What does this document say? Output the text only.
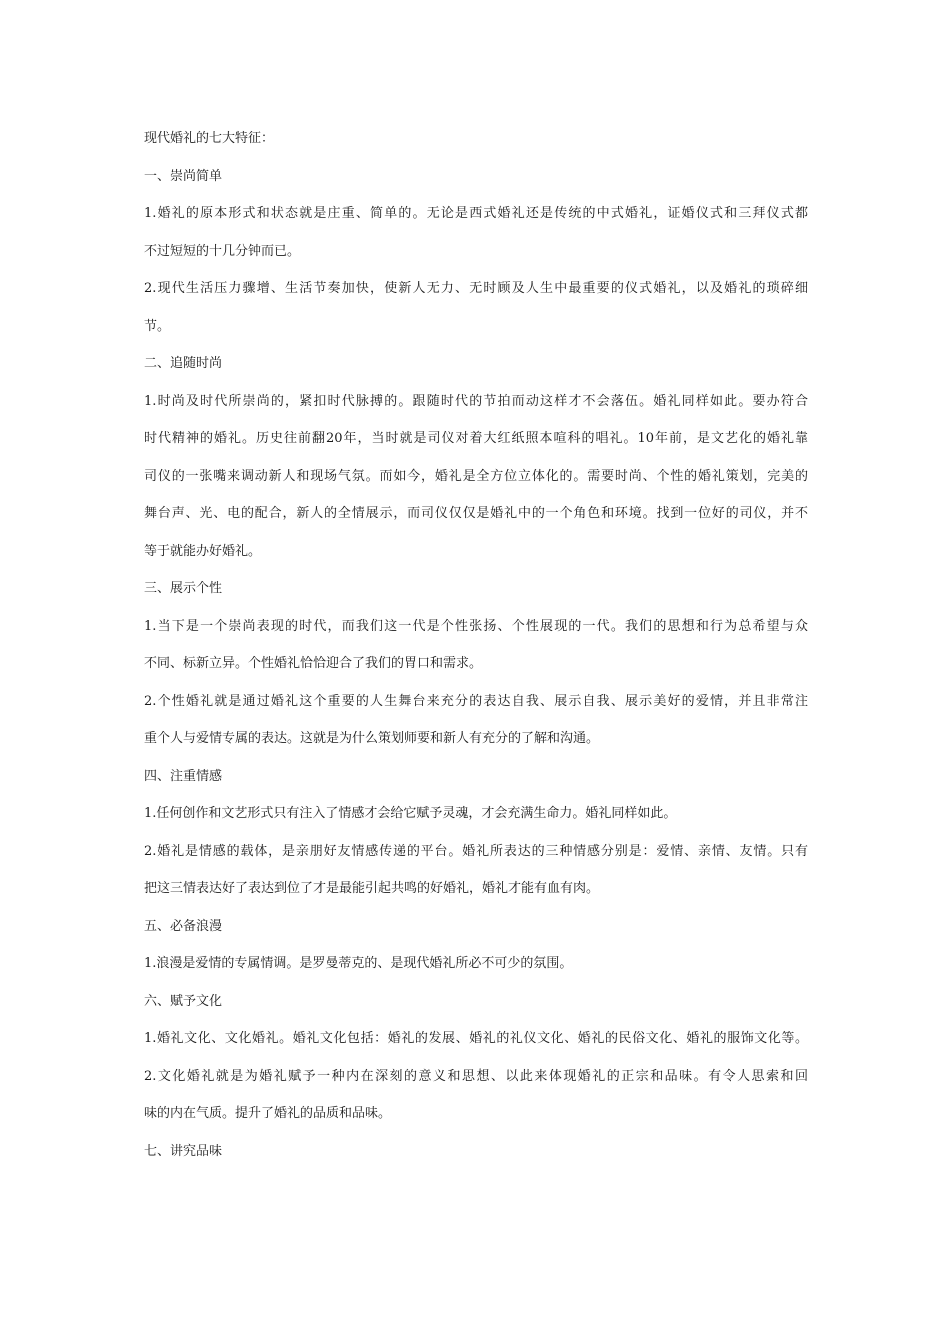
现代婚礼的七大特征：
一、崇尚简单
1.婚礼的原本形式和状态就是庄重、简单的。无论是西式婚礼还是传统的中式婚礼，证婚仪式和三拜仪式都
不过短短的十几分钟而已。
2.现代生活压力骤增、生活节奏加快，使新人无力、无时顾及人生中最重要的仪式婚礼，以及婚礼的琐碎细
节。
二、追随时尚
1.时尚及时代所崇尚的，紧扣时代脉搏的。跟随时代的节拍而动这样才不会落伍。婚礼同样如此。要办符合
时代精神的婚礼。历史往前翻20年，当时就是司仪对着大红纸照本喧科的唱礼。10年前，是文艺化的婚礼靠
司仪的一张嘴来调动新人和现场气氛。而如今，婚礼是全方位立体化的。需要时尚、个性的婚礼策划，完美的
舞台声、光、电的配合，新人的全情展示，而司仪仅仅是婚礼中的一个角色和环境。找到一位好的司仪，并不
等于就能办好婚礼。
三、展示个性
1.当下是一个崇尚表现的时代，而我们这一代是个性张扬、个性展现的一代。我们的思想和行为总希望与众
不同、标新立异。个性婚礼恰恰迎合了我们的胃口和需求。
2.个性婚礼就是通过婚礼这个重要的人生舞台来充分的表达自我、展示自我、展示美好的爱情，并且非常注
重个人与爱情专属的表达。这就是为什么策划师要和新人有充分的了解和沟通。
四、注重情感
1.任何创作和文艺形式只有注入了情感才会给它赋予灵魂，才会充满生命力。婚礼同样如此。
2.婚礼是情感的载体，是亲朋好友情感传递的平台。婚礼所表达的三种情感分别是：爱情、亲情、友情。只有
把这三情表达好了表达到位了才是最能引起共鸣的好婚礼，婚礼才能有血有肉。
五、必备浪漫
1.浪漫是爱情的专属情调。是罗曼蒂克的、是现代婚礼所必不可少的氛围。
六、赋予文化
1.婚礼文化、文化婚礼。婚礼文化包括：婚礼的发展、婚礼的礼仪文化、婚礼的民俗文化、婚礼的服饰文化等。
2.文化婚礼就是为婚礼赋予一种内在深刻的意义和思想、以此来体现婚礼的正宗和品味。有令人思索和回
味的内在气质。提升了婚礼的品质和品味。
七、讲究品味
